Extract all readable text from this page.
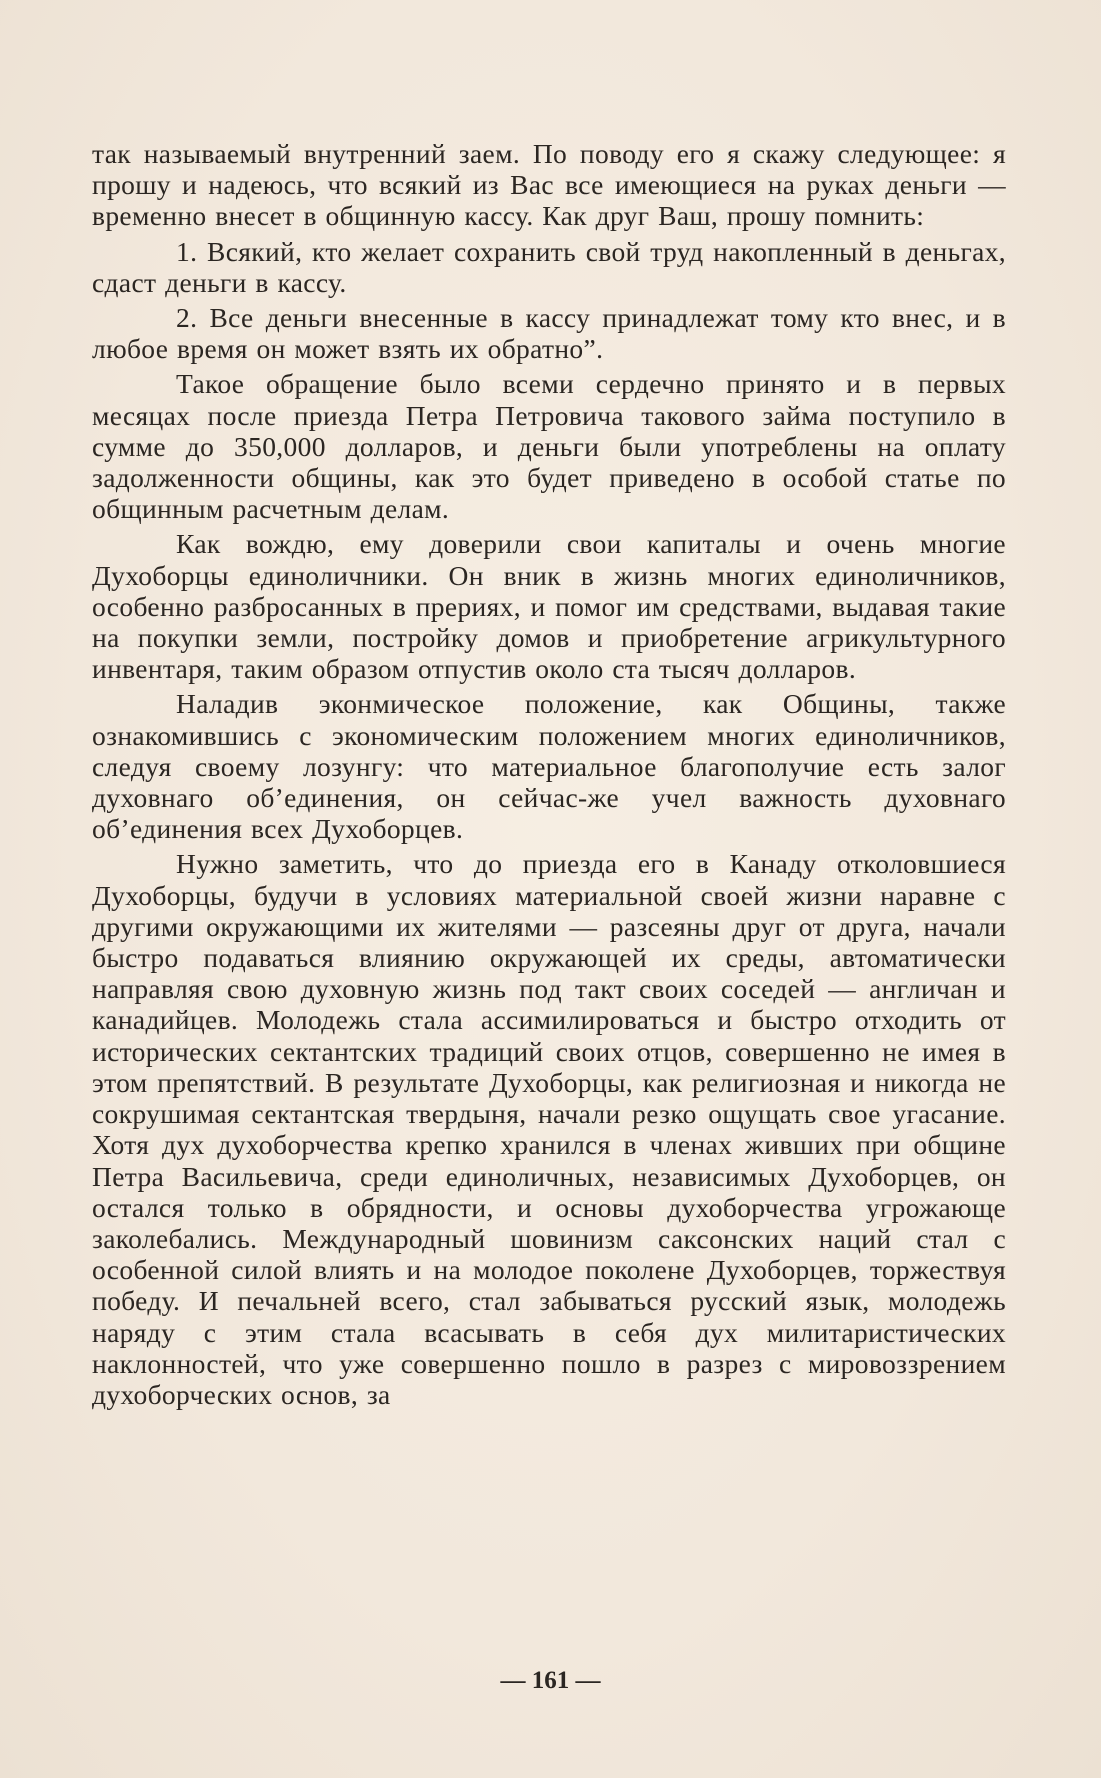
так называемый внутренний заем. По поводу его я скажу следующее: я прошу и надеюсь, что всякий из Вас все имеющиеся на руках деньги — временно внесет в общинную кассу. Как друг Ваш, прошу помнить:

1. Всякий, кто желает сохранить свой труд накопленный в деньгах, сдаст деньги в кассу.

2. Все деньги внесенные в кассу принадлежат тому кто внес, и в любое время он может взять их обратно”.

Такое обращение было всеми сердечно принято и в первых месяцах после приезда Петра Петровича такового займа поступило в сумме до 350,000 долларов, и деньги были употреблены на оплату задолженности общины, как это будет приведено в особой статье по общинным расчетным делам.

Как вождю, ему доверили свои капиталы и очень многие Духоборцы единоличники. Он вник в жизнь многих единоличников, особенно разбросанных в прериях, и помог им средствами, выдавая такие на покупки земли, постройку домов и приобретение агрикультурного инвентаря, таким образом отпустив около ста тысяч долларов.

Наладив эконмическое положение, как Общины, также ознакомившись с экономическим положением многих единоличников, следуя своему лозунгу: что материальное благополучие есть залог духовнаго об’единения, он сейчас-же учел важность духовнаго об’единения всех Духоборцев.

Нужно заметить, что до приезда его в Канаду отколовшиеся Духоборцы, будучи в условиях материальной своей жизни наравне с другими окружающими их жителями — разсеяны друг от друга, начали быстро подаваться влиянию окружающей их среды, автоматически направляя свою духовную жизнь под такт своих соседей — англичан и канадийцев. Молодежь стала ассимилироваться и быстро отходить от исторических сектантских традиций своих отцов, совершенно не имея в этом препятствий. В результате Духоборцы, как религиозная и никогда не сокрушимая сектантская твердыня, начали резко ощущать свое угасание. Хотя дух духоборчества крепко хранился в членах живших при общине Петра Васильевича, среди единоличных, независимых Духоборцев, он остался только в обрядности, и основы духоборчества угрожающе заколебались. Международный шовинизм саксонских наций стал с особенной силой влиять и на молодое поколене Духоборцев, торжествуя победу. И печальней всего, стал забываться русский язык, молодежь наряду с этим стала всасывать в себя дух милитаристических наклонностей, что уже совершенно пошло в разрез с мировоззрением духоборческих основ, за

— 161 —
